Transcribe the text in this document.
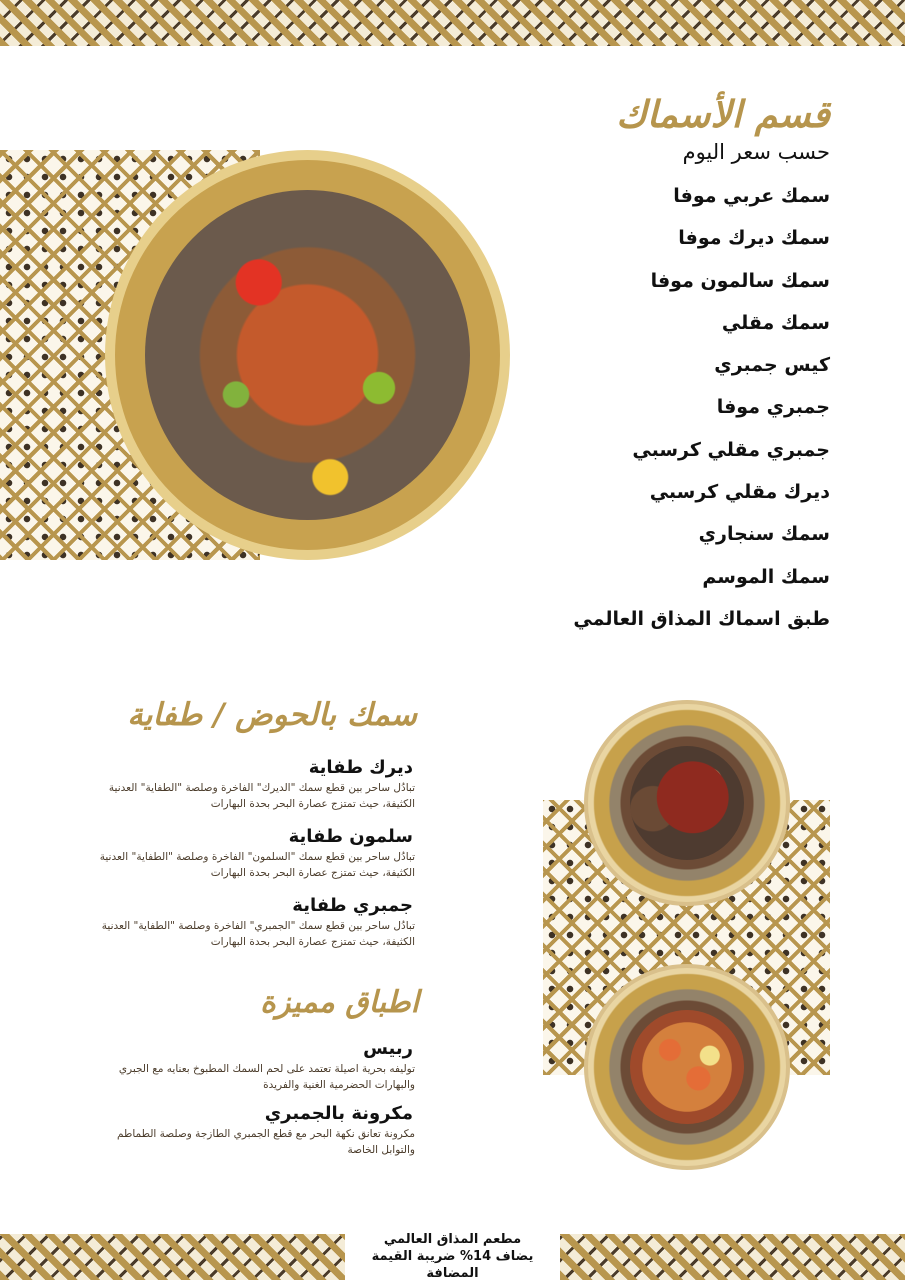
قسم الأسماك
حسب سعر اليوم
سمك عربي موفا
سمك ديرك موفا
سمك سالمون موفا
سمك مقلي
كيس جمبري
جمبري موفا
جمبري مقلي كرسبي
ديرك مقلي كرسبي
سمك سنجاري
سمك الموسم
طبق اسماك المذاق العالمي
سمك بالحوض / طفاية
ديرك طفاية
تبادُل ساحر بين قطع سمك "الديرك" الفاخرة وصلصة "الطفاية" العدنية
الكثيفة، حيث تمتزج عصارة البحر بحدة البهارات
سلمون طفاية
تبادُل ساحر بين قطع سمك "السلمون" الفاخرة وصلصة "الطفاية" العدنية
الكثيفة، حيث تمتزج عصارة البحر بحدة البهارات
جمبري طفاية
تبادُل ساحر بين قطع سمك "الجمبري" الفاخرة وصلصة "الطفاية" العدنية
الكثيفة، حيث تمتزج عصارة البحر بحدة البهارات
اطباق مميزة
ربيس
توليفه بحرية اصيلة تعتمد على لحم السمك المطبوخ بعنايه مع الجبري
والبهارات الحضرمية الغنية والفريدة
مكرونة بالجمبري
مكرونة تعانق نكهة البحر مع قطع الجمبري الطازجة وصلصة الطماطم
والتوابل الخاصة
مطعم المذاق العالمي
يضاف 14% ضريبة القيمة المضافة
